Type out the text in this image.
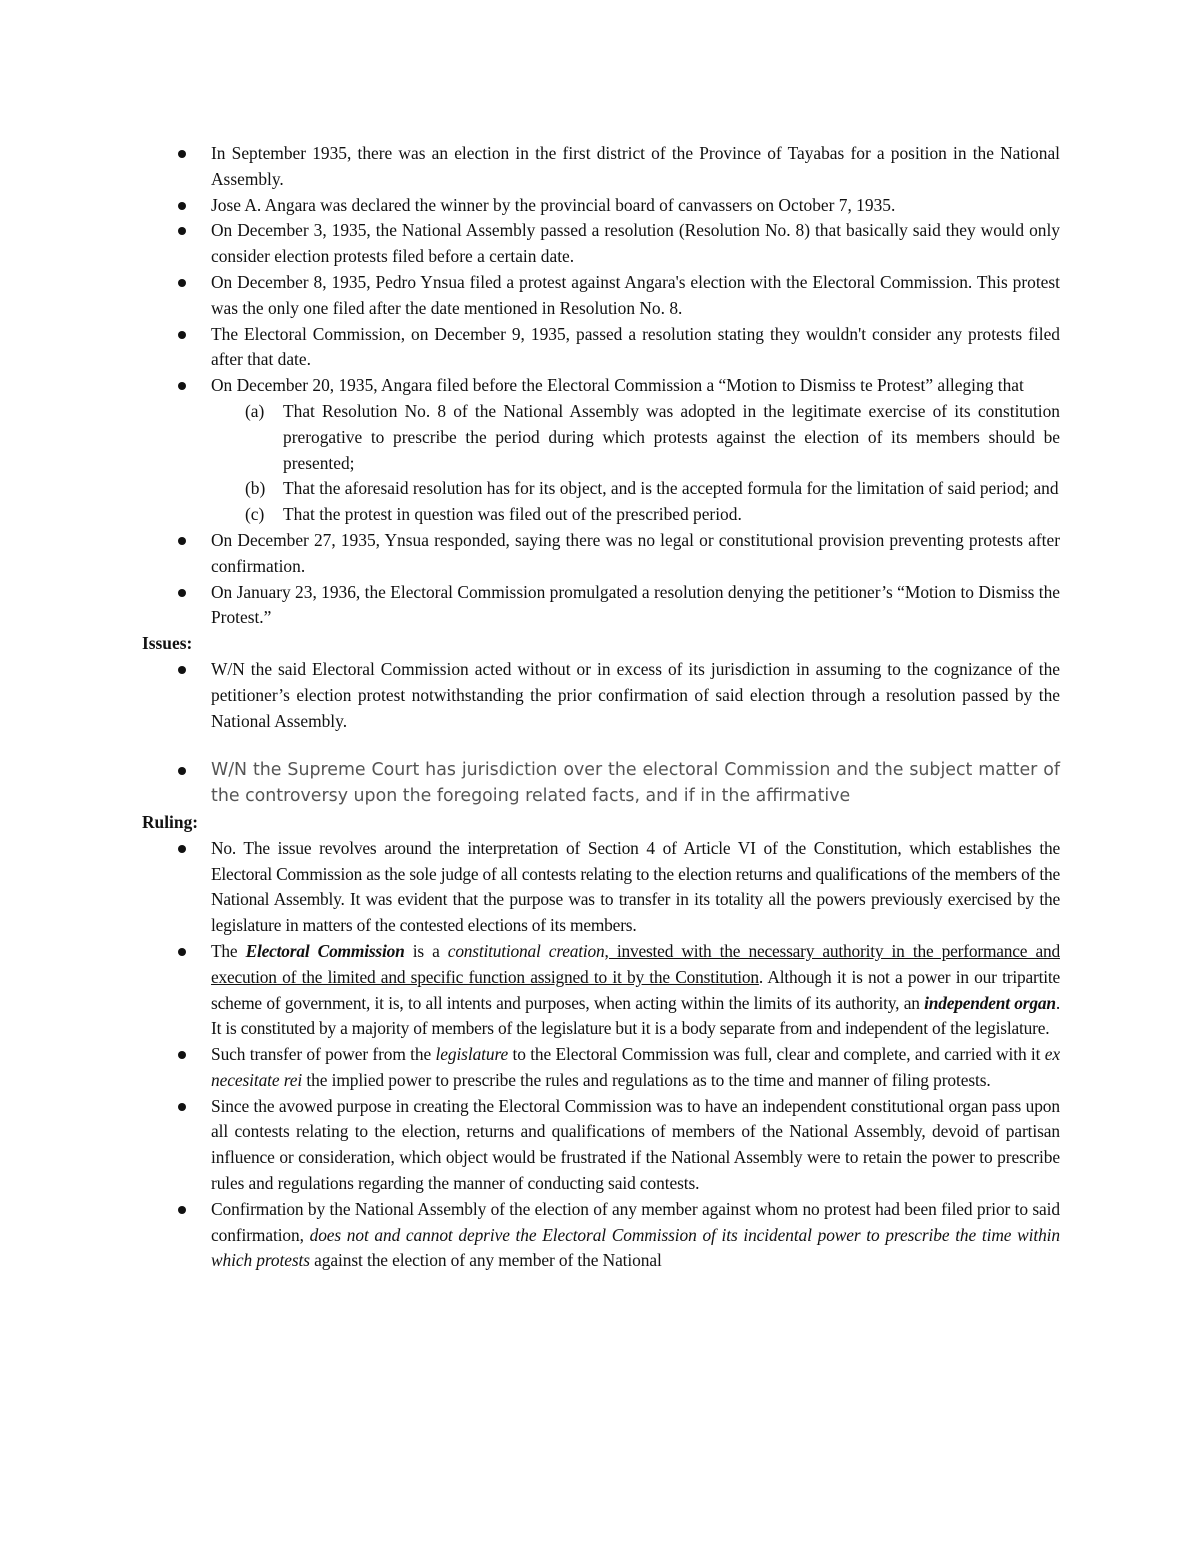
In September 1935, there was an election in the first district of the Province of Tayabas for a position in the National Assembly.
Jose A. Angara was declared the winner by the provincial board of canvassers on October 7, 1935.
On December 3, 1935, the National Assembly passed a resolution (Resolution No. 8) that basically said they would only consider election protests filed before a certain date.
On December 8, 1935, Pedro Ynsua filed a protest against Angara's election with the Electoral Commission. This protest was the only one filed after the date mentioned in Resolution No. 8.
The Electoral Commission, on December 9, 1935, passed a resolution stating they wouldn't consider any protests filed after that date.
On December 20, 1935, Angara filed before the Electoral Commission a “Motion to Dismiss te Protest” alleging that
(a) That Resolution No. 8 of the National Assembly was adopted in the legitimate exercise of its constitution prerogative to prescribe the period during which protests against the election of its members should be presented;
(b) That the aforesaid resolution has for its object, and is the accepted formula for the limitation of said period; and
(c) That the protest in question was filed out of the prescribed period.
On December 27, 1935, Ynsua responded, saying there was no legal or constitutional provision preventing protests after confirmation.
On January 23, 1936, the Electoral Commission promulgated a resolution denying the petitioner’s “Motion to Dismiss the Protest.”
Issues:
W/N the said Electoral Commission acted without or in excess of its jurisdiction in assuming to the cognizance of the petitioner’s election protest notwithstanding the prior confirmation of said election through a resolution passed by the National Assembly.
W/N the Supreme Court has jurisdiction over the electoral Commission and the subject matter of the controversy upon the foregoing related facts, and if in the affirmative
Ruling:
No. The issue revolves around the interpretation of Section 4 of Article VI of the Constitution, which establishes the Electoral Commission as the sole judge of all contests relating to the election returns and qualifications of the members of the National Assembly. It was evident that the purpose was to transfer in its totality all the powers previously exercised by the legislature in matters of the contested elections of its members.
The Electoral Commission is a constitutional creation, invested with the necessary authority in the performance and execution of the limited and specific function assigned to it by the Constitution. Although it is not a power in our tripartite scheme of government, it is, to all intents and purposes, when acting within the limits of its authority, an independent organ. It is constituted by a majority of members of the legislature but it is a body separate from and independent of the legislature.
Such transfer of power from the legislature to the Electoral Commission was full, clear and complete, and carried with it ex necesitate rei the implied power to prescribe the rules and regulations as to the time and manner of filing protests.
Since the avowed purpose in creating the Electoral Commission was to have an independent constitutional organ pass upon all contests relating to the election, returns and qualifications of members of the National Assembly, devoid of partisan influence or consideration, which object would be frustrated if the National Assembly were to retain the power to prescribe rules and regulations regarding the manner of conducting said contests.
Confirmation by the National Assembly of the election of any member against whom no protest had been filed prior to said confirmation, does not and cannot deprive the Electoral Commission of its incidental power to prescribe the time within which protests against the election of any member of the National
